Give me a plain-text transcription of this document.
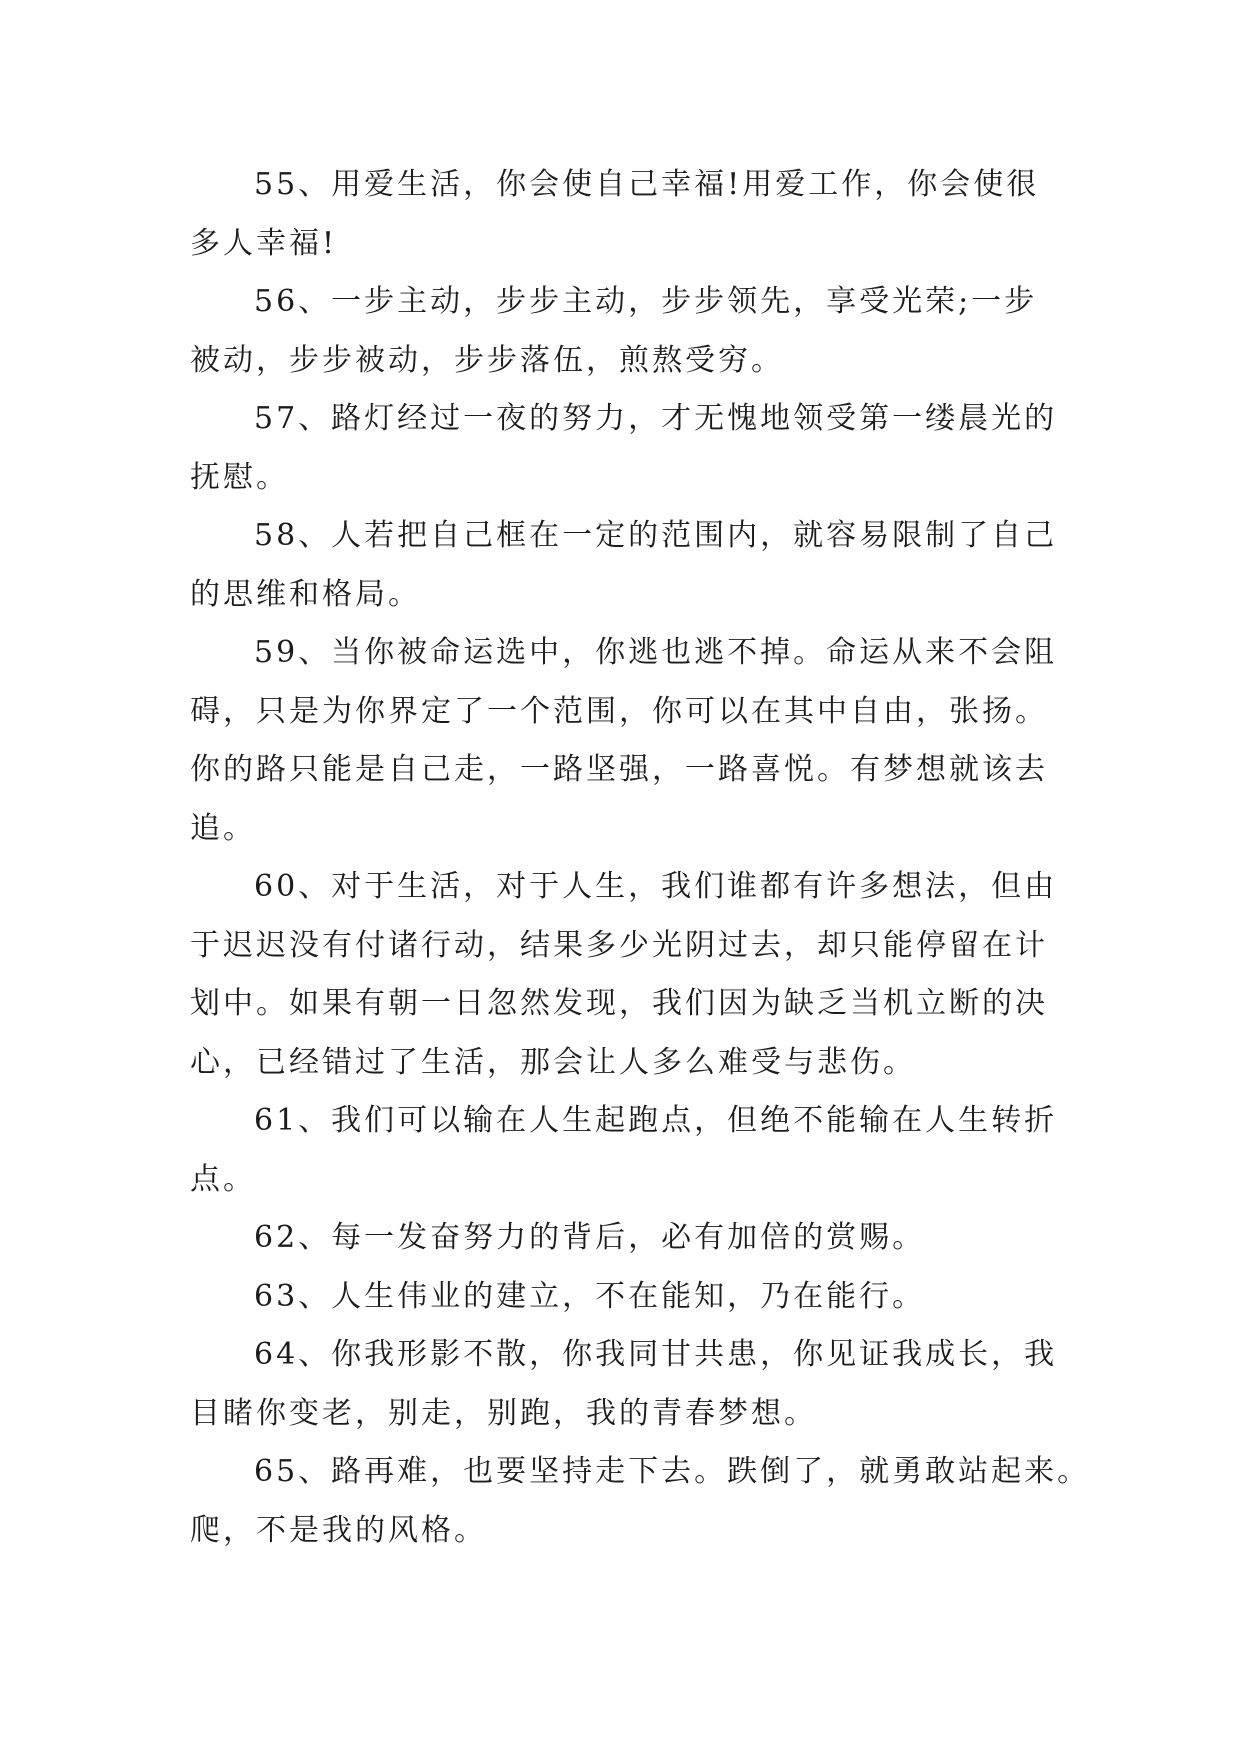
55、用爱生活，你会使自己幸福!用爱工作，你会使很
多人幸福!
56、一步主动，步步主动，步步领先，享受光荣;一步
被动，步步被动，步步落伍，煎熬受穷。
57、路灯经过一夜的努力，才无愧地领受第一缕晨光的
抚慰。
58、人若把自己框在一定的范围内，就容易限制了自己
的思维和格局。
59、当你被命运选中，你逃也逃不掉。命运从来不会阻
碍，只是为你界定了一个范围，你可以在其中自由，张扬。
你的路只能是自己走，一路坚强，一路喜悦。有梦想就该去
追。
60、对于生活，对于人生，我们谁都有许多想法，但由
于迟迟没有付诸行动，结果多少光阴过去，却只能停留在计
划中。如果有朝一日忽然发现，我们因为缺乏当机立断的决
心，已经错过了生活，那会让人多么难受与悲伤。
61、我们可以输在人生起跑点，但绝不能输在人生转折
点。
62、每一发奋努力的背后，必有加倍的赏赐。
63、人生伟业的建立，不在能知，乃在能行。
64、你我形影不散，你我同甘共患，你见证我成长，我
目睹你变老，别走，别跑，我的青春梦想。
65、路再难，也要坚持走下去。跌倒了，就勇敢站起来。
爬，不是我的风格。
